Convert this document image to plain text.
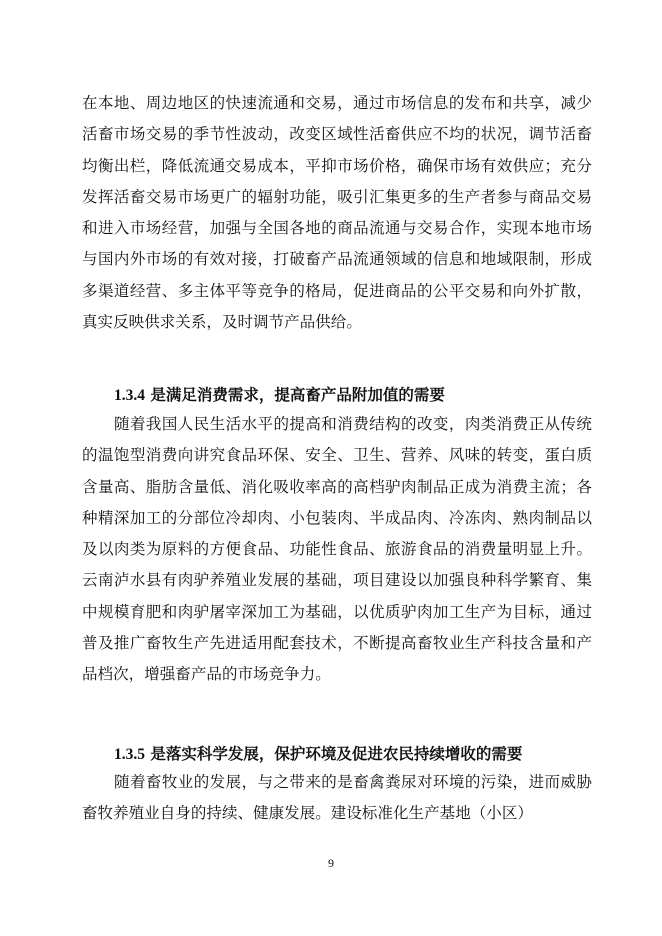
在本地、周边地区的快速流通和交易，通过市场信息的发布和共享，减少活畜市场交易的季节性波动，改变区域性活畜供应不均的状况，调节活畜均衡出栏，降低流通交易成本，平抑市场价格，确保市场有效供应；充分发挥活畜交易市场更广的辐射功能，吸引汇集更多的生产者参与商品交易和进入市场经营，加强与全国各地的商品流通与交易合作，实现本地市场与国内外市场的有效对接，打破畜产品流通领域的信息和地域限制，形成多渠道经营、多主体平等竞争的格局，促进商品的公平交易和向外扩散，真实反映供求关系，及时调节产品供给。

1.3.4 是满足消费需求，提高畜产品附加值的需要

随着我国人民生活水平的提高和消费结构的改变，肉类消费正从传统的温饱型消费向讲究食品环保、安全、卫生、营养、风味的转变，蛋白质含量高、脂肪含量低、消化吸收率高的高档驴肉制品正成为消费主流；各种精深加工的分部位冷却肉、小包装肉、半成品肉、冷冻肉、熟肉制品以及以肉类为原料的方便食品、功能性食品、旅游食品的消费量明显上升。云南泸水县有肉驴养殖业发展的基础，项目建设以加强良种科学繁育、集中规模育肥和肉驴屠宰深加工为基础，以优质驴肉加工生产为目标，通过普及推广畜牧生产先进适用配套技术，不断提高畜牧业生产科技含量和产品档次，增强畜产品的市场竞争力。

1.3.5 是落实科学发展，保护环境及促进农民持续增收的需要

随着畜牧业的发展，与之带来的是畜禽粪尿对环境的污染，进而威胁畜牧养殖业自身的持续、健康发展。建设标准化生产基地（小区）

9
